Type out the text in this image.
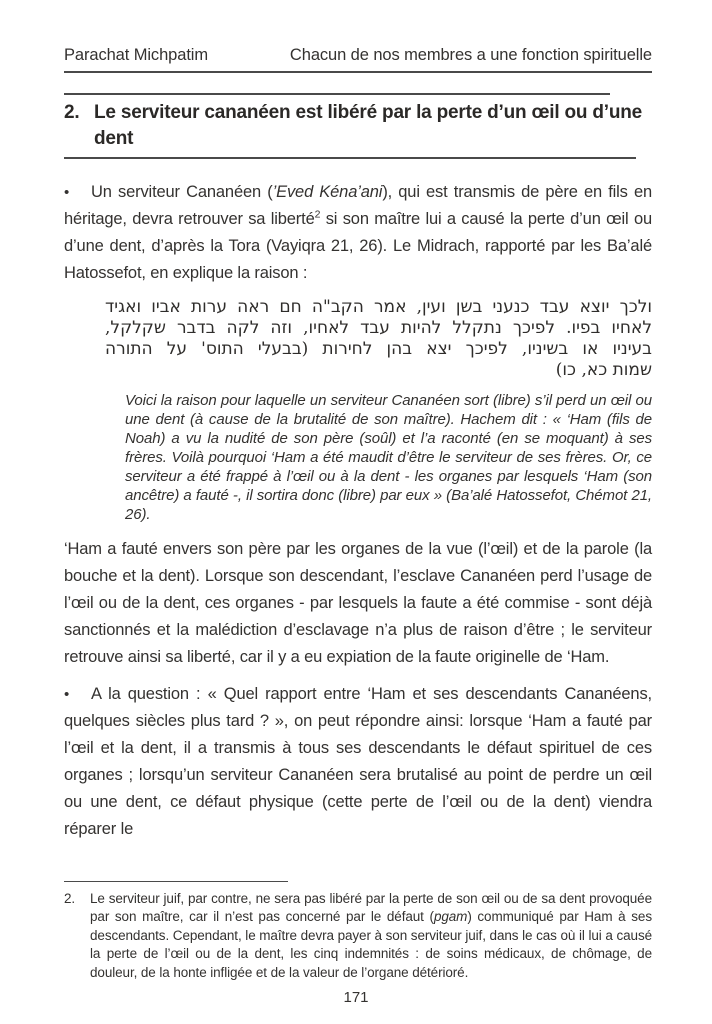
Parachat Michpatim	Chacun de nos membres a une fonction spirituelle
2. Le serviteur cananéen est libéré par la perte d’un œil ou d’une dent

• Un serviteur Cananéen (’Eved Kéna’ani), qui est transmis de père en fils en héritage, devra retrouver sa liberté$^2$ si son maître lui a causé la perte d’un œil ou d’une dent, d’après la Tora (Vayiqra 21, 26). Le Midrach, rapporté par les Ba’alé Hatossefot, en explique la raison :

ולכך יוצא עבד כנעני בשן ועין, אמר הקב"ה חם ראה ערות אביו ואגיד
לאחיו בפיו. לפיכך נתקלל להיות עבד לאחיו, וזה לקה בדבר שקלקל,
בעיניו או בשיניו, לפיכך יצא בהן לחירות (בבעלי התוס' על התורה
שמות כא, כו)

Voici la raison pour laquelle un serviteur Cananéen sort (libre) s’il perd un œil ou une dent (à cause de la brutalité de son maître). Hachem dit : « ‘Ham (fils de Noah) a vu la nudité de son père (soûl) et l’a raconté (en se moquant) à ses frères. Voilà pourquoi ‘Ham a été maudit d’être le serviteur de ses frères. Or, ce serviteur a été frappé à l’œil ou à la dent - les organes par lesquels ‘Ham (son ancêtre) a fauté -, il sortira donc (libre) par eux » (Ba’alé Hatossefot, Chémot 21, 26).

‘Ham a fauté envers son père par les organes de la vue (l’œil) et de la parole (la bouche et la dent). Lorsque son descendant, l’esclave Cananéen perd l’usage de l’œil ou de la dent, ces organes - par lesquels la faute a été commise - sont déjà sanctionnés et la malédiction d’esclavage n’a plus de raison d’être ; le serviteur retrouve ainsi sa liberté, car il y a eu expiation de la faute originelle de ‘Ham.

• A la question : « Quel rapport entre ‘Ham et ses descendants Cananéens, quelques siècles plus tard ? », on peut répondre ainsi: lorsque ‘Ham a fauté par l’œil et la dent, il a transmis à tous ses descendants le défaut spirituel de ces organes ; lorsqu’un serviteur Cananéen sera brutalisé au point de perdre un œil ou une dent, ce défaut physique (cette perte de l’œil ou de la dent) viendra réparer le

2. Le serviteur juif, par contre, ne sera pas libéré par la perte de son œil ou de sa dent provoquée par son maître, car il n’est pas concerné par le défaut (pgam) communiqué par Ham à ses descendants. Cependant, le maître devra payer à son serviteur juif, dans le cas où il lui a causé la perte de l’œil ou de la dent, les cinq indemnités : de soins médicaux, de chômage, de douleur, de la honte infligée et de la valeur de l’organe détérioré.

171
